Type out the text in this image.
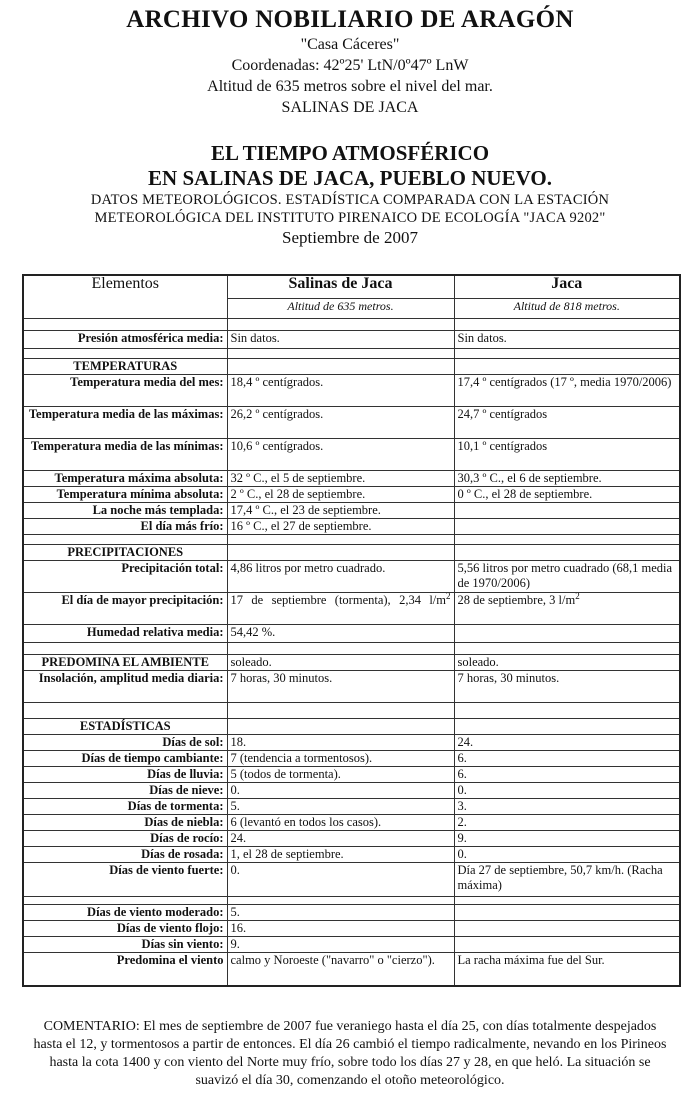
ARCHIVO NOBILIARIO DE ARAGÓN
"Casa Cáceres"
Coordenadas: 42º25' LtN/0º47º LnW
Altitud de 635 metros sobre el nivel del mar.
SALINAS DE JACA
EL TIEMPO ATMOSFÉRICO
EN SALINAS DE JACA, PUEBLO NUEVO.
DATOS METEOROLÓGICOS. ESTADÍSTICA COMPARADA CON LA ESTACIÓN
METEOROLÓGICA DEL INSTITUTO PIRENAICO DE ECOLOGÍA "JACA 9202"
Septiembre de 2007
Elementos	Salinas de Jaca	Jaca
	Altitud de 635 metros.	Altitud de 818 metros.

Presión atmosférica media:	Sin datos.	Sin datos.

TEMPERATURAS		
Temperatura media del mes:	18,4 º centígrados.	17,4 º centígrados (17 º, media 1970/2006)
Temperatura media de las máximas:	26,2 º centígrados.	24,7 º centígrados
Temperatura media de las mínimas:	10,6 º centígrados.	10,1 º centígrados
Temperatura máxima absoluta:	32 º C., el 5 de septiembre.	30,3 º C., el 6 de septiembre.
Temperatura mínima absoluta:	2 º C., el 28 de septiembre.	0 º C., el 28 de septiembre.
La noche más templada:	17,4 º C., el 23 de septiembre.	
El día más frío:	16 º C., el 27 de septiembre.	

PRECIPITACIONES		
Precipitación total:	4,86 litros por metro cuadrado.	5,56 litros por metro cuadrado (68,1 media de 1970/2006)
El día de mayor precipitación:	17 de septiembre (tormenta), 2,34 $l/m^2$	28 de septiembre, 3 $l/m^2$
Humedad relativa media:	54,42 %.	

PREDOMINA EL AMBIENTE	soleado.	soleado.
Insolación, amplitud media diaria:	7 horas, 30 minutos.	7 horas, 30 minutos.

ESTADÍSTICAS		
Días de sol:	18.	24.
Días de tiempo cambiante:	7 (tendencia a tormentosos).	6.
Días de lluvia:	5 (todos de tormenta).	6.
Días de nieve:	0.	0.
Días de tormenta:	5.	3.
Días de niebla:	6 (levantó en todos los casos).	2.
Días de rocío:	24.	9.
Días de rosada:	1, el 28 de septiembre.	0.
Días de viento fuerte:	0.	Día 27 de septiembre, 50,7 km/h. (Racha máxima)

Días de viento moderado:	5.	
Días de viento flojo:	16.	
Días sin viento:	9.	
Predomina el viento	calmo y Noroeste ("navarro" o "cierzo").	La racha máxima fue del Sur.
COMENTARIO: El mes de septiembre de 2007 fue veraniego hasta el día 25, con días totalmente despejados hasta el 12, y tormentosos a partir de entonces. El día 26 cambió el tiempo radicalmente, nevando en los Pirineos hasta la cota 1400 y con viento del Norte muy frío, sobre todo los días 27 y 28, en que heló. La situación se suavizó el día 30, comenzando el otoño meteorológico.
